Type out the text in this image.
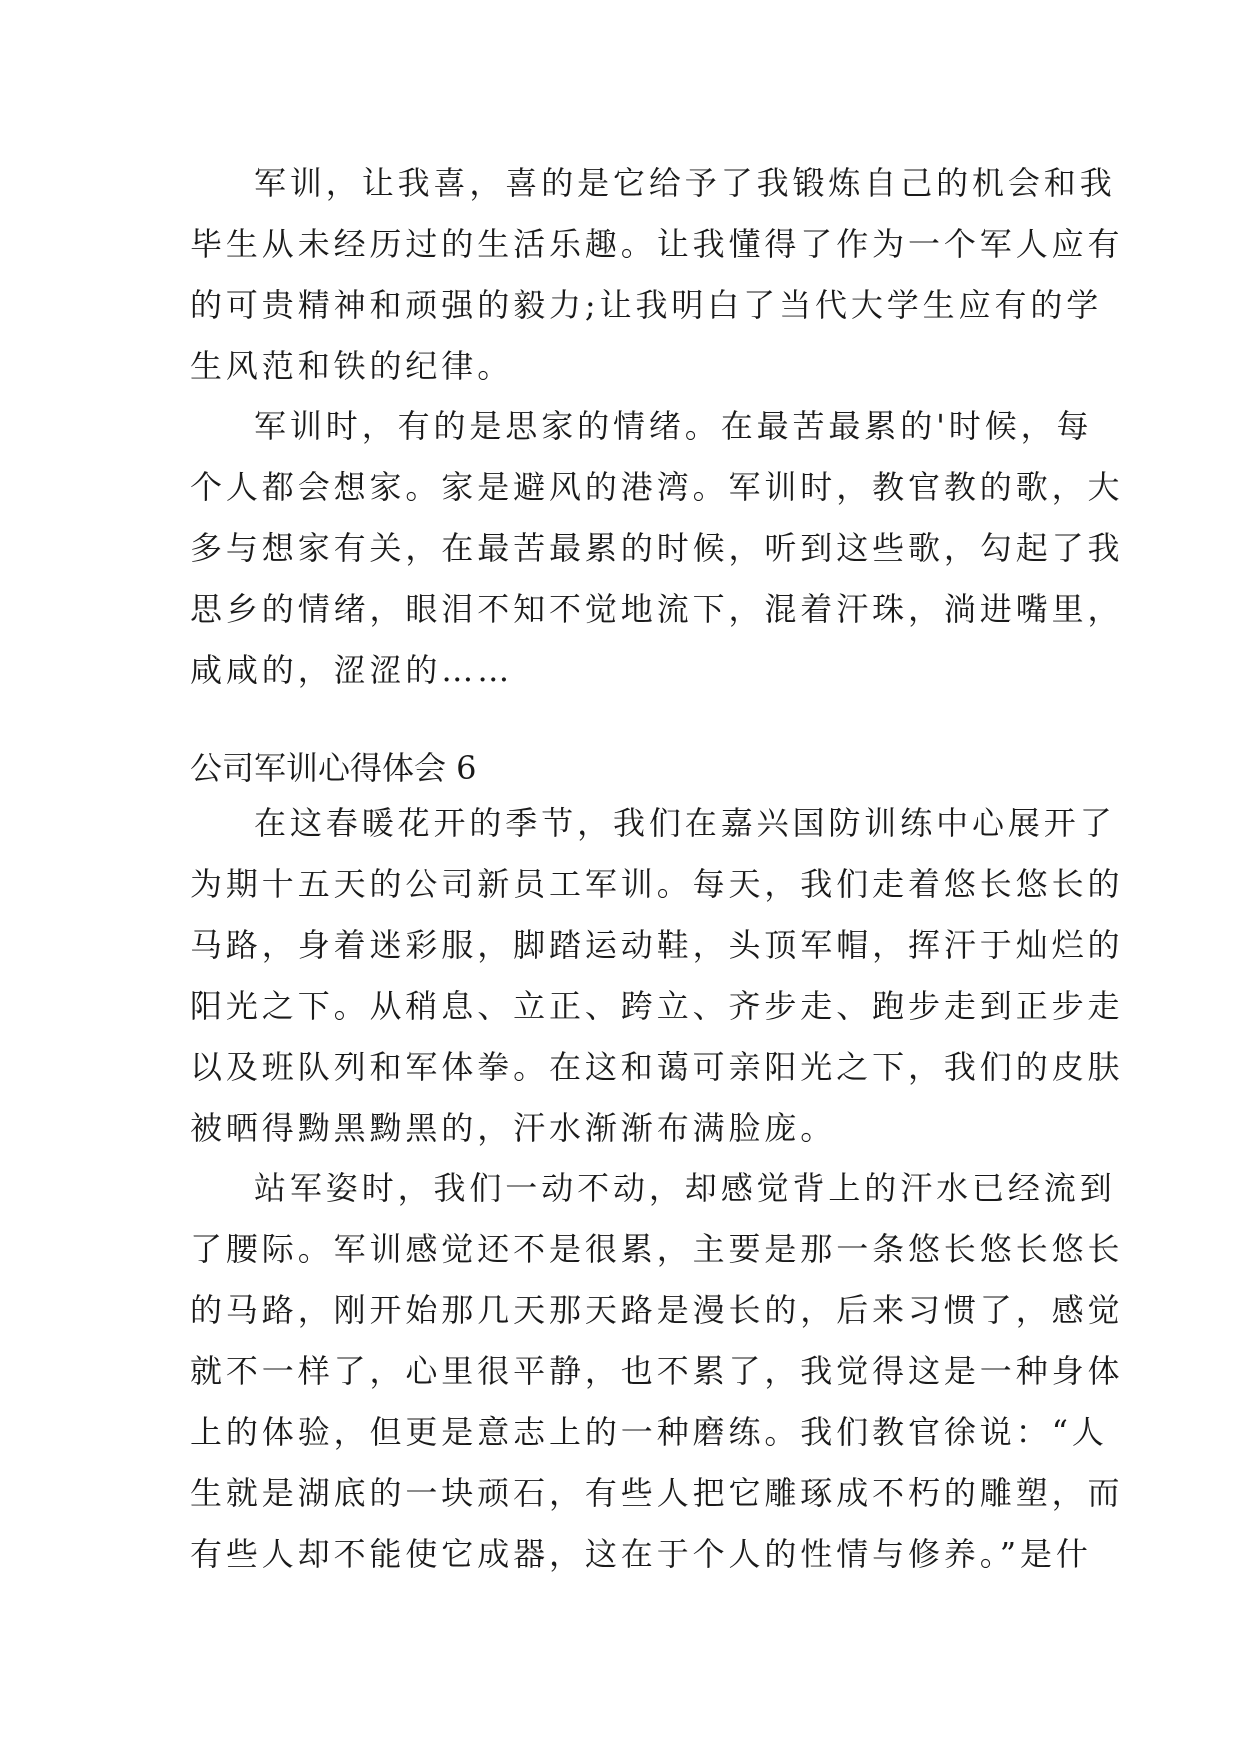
军训，让我喜，喜的是它给予了我锻炼自己的机会和我
毕生从未经历过的生活乐趣。让我懂得了作为一个军人应有
的可贵精神和顽强的毅力;让我明白了当代大学生应有的学
生风范和铁的纪律。
军训时，有的是思家的情绪。在最苦最累的'时候，每
个人都会想家。家是避风的港湾。军训时，教官教的歌，大
多与想家有关，在最苦最累的时候，听到这些歌，勾起了我
思乡的情绪，眼泪不知不觉地流下，混着汗珠，淌进嘴里，
咸咸的，涩涩的……
公司军训心得体会 6
在这春暖花开的季节，我们在嘉兴国防训练中心展开了
为期十五天的公司新员工军训。每天，我们走着悠长悠长的
马路，身着迷彩服，脚踏运动鞋，头顶军帽，挥汗于灿烂的
阳光之下。从稍息、立正、跨立、齐步走、跑步走到正步走
以及班队列和军体拳。在这和蔼可亲阳光之下，我们的皮肤
被晒得黝黑黝黑的，汗水渐渐布满脸庞。
站军姿时，我们一动不动，却感觉背上的汗水已经流到
了腰际。军训感觉还不是很累，主要是那一条悠长悠长悠长
的马路，刚开始那几天那天路是漫长的，后来习惯了，感觉
就不一样了，心里很平静，也不累了，我觉得这是一种身体
上的体验，但更是意志上的一种磨练。我们教官徐说：“人
生就是湖底的一块顽石，有些人把它雕琢成不朽的雕塑，而
有些人却不能使它成器，这在于个人的性情与修养。”是什
